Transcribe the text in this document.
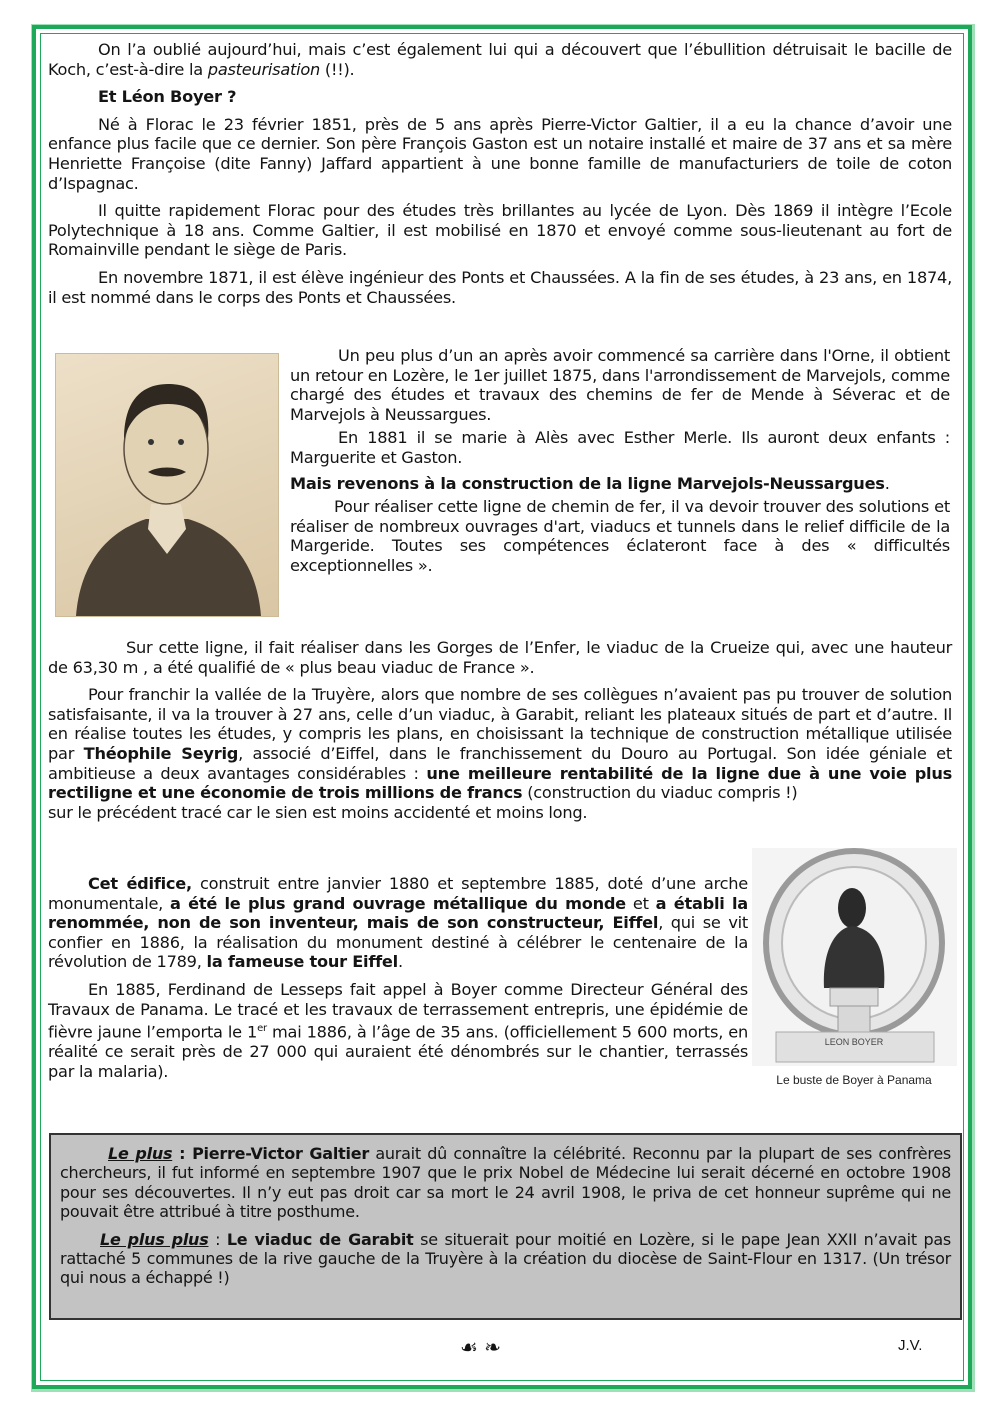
On l’a oublié aujourd’hui, mais c’est également lui qui a découvert que l’ébullition détruisait le bacille de Koch, c’est-à-dire la pasteurisation (!!).

Et Léon Boyer ?

Né à Florac le 23 février 1851, près de 5 ans après Pierre-Victor Galtier, il a eu la chance d’avoir une enfance plus facile que ce dernier. Son père François Gaston est un notaire installé et maire de 37 ans et sa mère Henriette Françoise (dite Fanny) Jaffard appartient à une bonne famille de manufacturiers de toile de coton d’Ispagnac.

Il quitte rapidement Florac pour des études très brillantes au lycée de Lyon. Dès 1869 il intègre l’Ecole Polytechnique à 18 ans. Comme Galtier, il est mobilisé en 1870 et envoyé comme sous-lieutenant au fort de Romainville pendant le siège de Paris.

En novembre 1871, il est élève ingénieur des Ponts et Chaussées. A la fin de ses études, à 23 ans, en 1874, il est nommé dans le corps des Ponts et Chaussées.

Un peu plus d’un an après avoir commencé sa carrière dans l'Orne, il obtient un retour en Lozère, le 1er juillet 1875, dans l'arrondissement de Marvejols, comme chargé des études et travaux des chemins de fer de Mende à Séverac et de Marvejols à Neussargues.

En 1881 il se marie à Alès avec Esther Merle. Ils auront deux enfants : Marguerite et Gaston.

Mais revenons à la construction de la ligne Marvejols-Neussargues.

Pour réaliser cette ligne de chemin de fer, il va devoir trouver des solutions et réaliser de nombreux ouvrages d'art, viaducs et tunnels dans le relief difficile de la Margeride. Toutes ses compétences éclateront face à des « difficultés exceptionnelles ».

Sur cette ligne, il fait réaliser dans les Gorges de l’Enfer, le viaduc de la Crueize qui, avec une hauteur de 63,30 m , a été qualifié de « plus beau viaduc de France ».

Pour franchir la vallée de la Truyère, alors que nombre de ses collègues n’avaient pas pu trouver de solution satisfaisante, il va la trouver à 27 ans, celle d’un viaduc, à Garabit, reliant les plateaux situés de part et d’autre. Il en réalise toutes les études, y compris les plans, en choisissant la technique de construction métallique utilisée par Théophile Seyrig, associé d’Eiffel, dans le franchissement du Douro au Portugal. Son idée géniale et ambitieuse a deux avantages considérables : une meilleure rentabilité de la ligne due à une voie plus rectiligne et une économie de trois millions de francs (construction du viaduc compris !)

sur le précédent tracé car le sien est moins accidenté et moins long.

Cet édifice, construit entre janvier 1880 et septembre 1885, doté d’une arche monumentale, a été le plus grand ouvrage métallique du monde et a établi la renommée, non de son inventeur, mais de son constructeur, Eiffel, qui se vit confier en 1886, la réalisation du monument destiné à célébrer le centenaire de la révolution de 1789, la fameuse tour Eiffel.

En 1885, Ferdinand de Lesseps fait appel à Boyer comme Directeur Général des Travaux de Panama. Le tracé et les travaux de terrassement entrepris, une épidémie de fièvre jaune l’emporta le 1er mai 1886, à l’âge de 35 ans. (officiellement 5 600 morts, en réalité ce serait près de 27 000 qui auraient été dénombrés sur le chantier, terrassés par la malaria).

LEON BOYER
Le buste de Boyer à Panama

Le plus : Pierre-Victor Galtier aurait dû connaître la célébrité. Reconnu par la plupart de ses confrères chercheurs, il fut informé en septembre 1907 que le prix Nobel de Médecine lui serait décerné en octobre 1908 pour ses découvertes. Il n’y eut pas droit car sa mort le 24 avril 1908, le priva de cet honneur suprême qui ne pouvait être attribué à titre posthume.

Le plus plus : Le viaduc de Garabit se situerait pour moitié en Lozère, si le pape Jean XXII n’avait pas rattaché 5 communes de la rive gauche de la Truyère à la création du diocèse de Saint-Flour en 1317. (Un trésor qui nous a échappé !)

☙ ❧	J.V.
